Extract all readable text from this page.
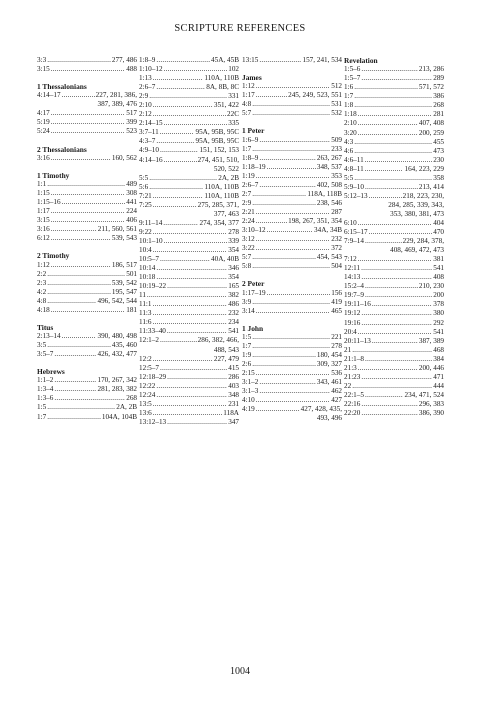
SCRIPTURE REFERENCES
3:3 .....	277, 486
3:15 .....	488
1 Thessalonians
4:14–17 .....	227, 281, 386,
387, 389, 476
4:17 .....	517
5:19 .....	399
5:24 .....	523
2 Thessalonians
3:16 .....	160, 562
1 Timothy
1:1 .....	489
1:15 .....	308
1:15–16 .....	441
1:17 .....	224
3:15 .....	406
3:16 .....	211, 560, 561
6:12 .....	539, 543
2 Timothy
1:12 .....	186, 517
2:2 .....	501
2:3 .....	539, 542
4:2 .....	195, 547
4:8 .....	496, 542, 544
4:18 .....	181
Titus
2:13–14 .....	390, 480, 498
3:5 .....	435, 460
3:5–7 .....	426, 432, 477
Hebrews
1:1–2 .....	170, 267, 342
1:3–4 .....	281, 283, 382
1:3–6 .....	268
1:5 .....	2A, 2B
1:7 .....	104A, 104B
1:8–9 .....	45A, 45B
1:10–12 .....	102
1:13 .....	110A, 110B
2:6–7 .....	8A, 8B, 8C
2:9 .....	331
2:10 .....	351, 422
2:12 .....	22C
2:14–15 .....	335
3:7–11 .....	95A, 95B, 95C
4:3–7 .....	95A, 95B, 95C
4:9–10 .....	151, 152, 153
4:14–16 .....	274, 451, 510,
520, 522
5:5 .....	2A, 2B
5:6 .....	110A, 110B
7:21 .....	110A, 110B
7:25 .....	275, 285, 371,
377, 463
9:11–14 .....	274, 354, 377
9:22 .....	278
10:1–10 .....	339
10:4 .....	354
10:5–7 .....	40A, 40B
10:14 .....	346
10:18 .....	354
10:19–22 .....	165
11 .....	382
11:1 .....	486
11:3 .....	232
11:6 .....	234
11:33–40 .....	541
12:1–2 .....	286, 382, 466,
488, 543
12:2 .....	227, 479
12:5–7 .....	415
12:18–29 .....	286
12:22 .....	403
12:24 .....	348
13:5 .....	231
13:6 .....	118A
13:12–13 .....	347
13:15 .....	157, 241, 534
James
1:12 .....	512
1:17 .....	245, 249, 523, 551
4:8 .....	531
5:7 .....	532
1 Peter
1:6–9 .....	509
1:7 .....	233
1:8–9 .....	263, 267
1:18–19 .....	348, 537
1:19 .....	353
2:6–7 .....	402, 508
2:7 .....	118A, 118B
2:9 .....	238, 546
2:21 .....	287
2:24 .....	198, 267, 351, 354
3:10–12 .....	34A, 34B
3:12 .....	232
3:22 .....	372
5:7 .....	454, 543
5:8 .....	504
2 Peter
1:17–19 .....	156
3:9 .....	419
3:14 .....	465
1 John
1:5 .....	221
1:7 .....	278
1:9 .....	180, 454
2:6 .....	309, 327
2:15 .....	536
3:1–2 .....	343, 461
3:1–3 .....	462
4:10 .....	427
4:19 .....	427, 428, 435,
493, 496
Revelation
1:5–6 .....	213, 286
1:5–7 .....	289
1:6 .....	571, 572
1:7 .....	386
1:8 .....	268
1:18 .....	281
2:10 .....	407, 408
3:20 .....	200, 259
4:3 .....	455
4:6 .....	473
4:6–11 .....	230
4:8–11 .....	164, 223, 229
5:5 .....	358
5:9–10 .....	213, 414
5:12–13 .....	218, 223, 230,
284, 285, 339, 343,
353, 380, 381, 473
6:10 .....	404
6:15–17 .....	470
7:9–14 .....	229, 284, 378,
408, 469, 472, 473
7:12 .....	381
12:11 .....	541
14:13 .....	408
15:2–4 .....	210, 230
19:7–9 .....	200
19:11–16 .....	378
19:12 .....	380
19:16 .....	292
20:4 .....	541
20:11–13 .....	387, 389
21 .....	468
21:1–8 .....	384
21:3 .....	200, 446
21:23 .....	471
22 .....	444
22:1–5 .....	234, 471, 524
22:16 .....	296, 383
22:20 .....	386, 390
1004
